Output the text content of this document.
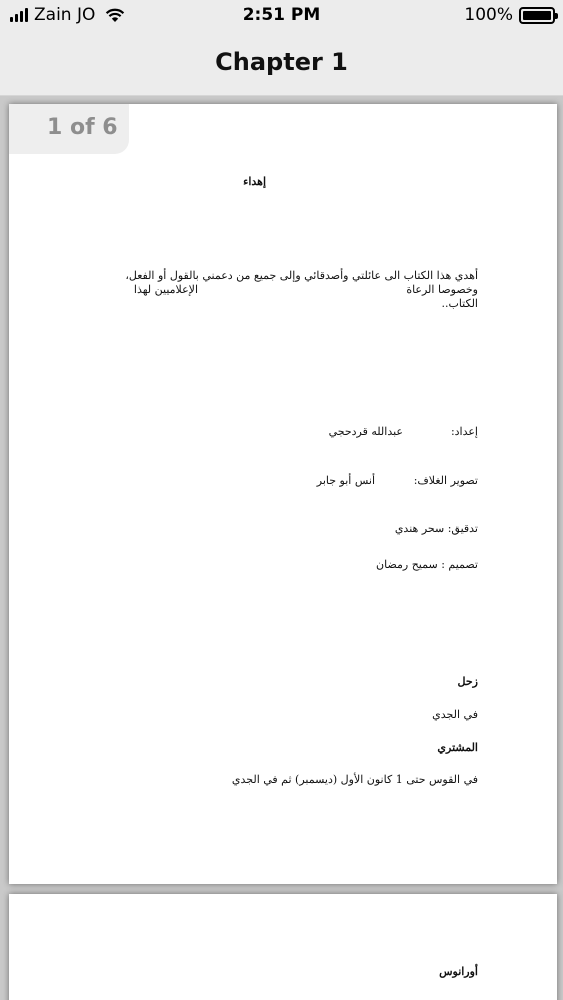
Zain JO	2:51 PM	100%
Chapter 1
1 of 6
إهداء
أهدي هذا الكتاب الى عائلتي وأصدقائي وإلى جميع من دعمني بالقول أو الفعل،
وخصوصا الرعاة
الإعلاميين لهذا
الكتاب..
إعداد:
عبدالله قردحجي
تصوير الغلاف:
أنس أبو جابر
تدقيق: سحر هندي
تصميم : سميح رمضان
زحل
في الجدي
المشتري
في القوس حتى 1 كانون الأول (ديسمبر) ثم في الجدي
أورانوس
